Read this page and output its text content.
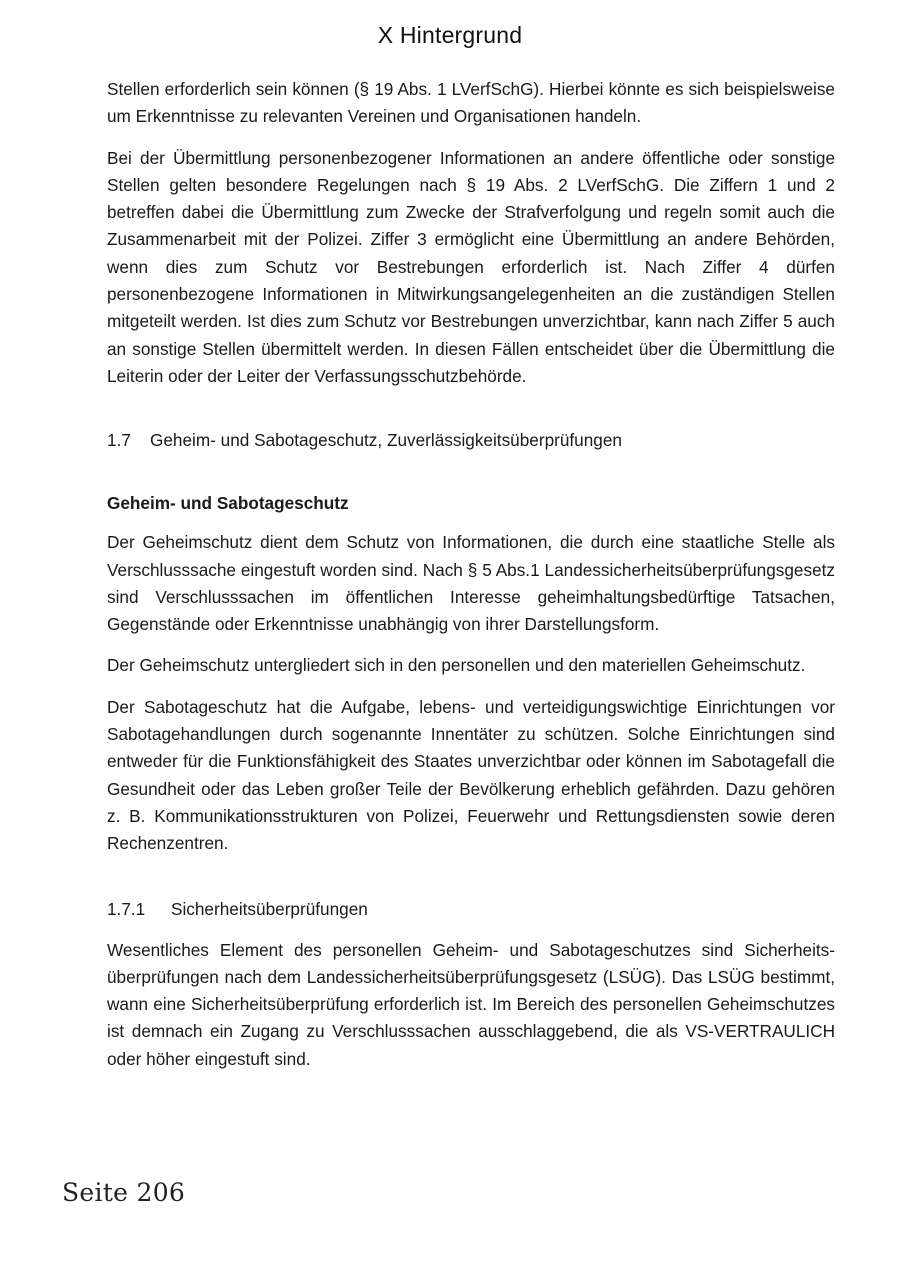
X Hintergrund

Stellen erforderlich sein können (§ 19 Abs. 1 LVerfSchG). Hierbei könnte es sich beispielsweise um Erkenntnisse zu relevanten Vereinen und Organisationen handeln.

Bei der Übermittlung personenbezogener Informationen an andere öffentliche oder sonstige Stellen gelten besondere Regelungen nach § 19 Abs. 2 LVerfSchG. Die Ziffern 1 und 2 betreffen dabei die Übermittlung zum Zwecke der Strafverfolgung und regeln somit auch die Zusammenarbeit mit der Polizei. Ziffer 3 ermöglicht eine Übermittlung an andere Behörden, wenn dies zum Schutz vor Bestrebungen erforderlich ist. Nach Ziffer 4 dürfen personenbezogene Informationen in Mitwirkungsangelegenheiten an die zuständigen Stellen mitgeteilt werden. Ist dies zum Schutz vor Bestrebungen unverzichtbar, kann nach Ziffer 5 auch an sonstige Stellen übermittelt werden. In diesen Fällen entscheidet über die Übermittlung die Leiterin oder der Leiter der Verfassungsschutzbehörde.

1.7 Geheim- und Sabotageschutz, Zuverlässigkeitsüberprüfungen
Geheim- und Sabotageschutz

Der Geheimschutz dient dem Schutz von Informationen, die durch eine staatliche Stelle als Verschlusssache eingestuft worden sind. Nach § 5 Abs.1 Landessicherheitsüberprüfungsgesetz sind Verschlusssachen im öffentlichen Interesse geheimhaltungsbedürftige Tatsachen, Gegenstände oder Erkenntnisse unabhängig von ihrer Darstellungsform.

Der Geheimschutz untergliedert sich in den personellen und den materiellen Geheimschutz.

Der Sabotageschutz hat die Aufgabe, lebens- und verteidigungswichtige Einrichtungen vor Sabotagehandlungen durch sogenannte Innentäter zu schützen. Solche Einrichtungen sind entweder für die Funktionsfähigkeit des Staates unverzichtbar oder können im Sabotagefall die Gesundheit oder das Leben großer Teile der Bevölkerung erheblich gefährden. Dazu gehören z. B. Kommunikationsstrukturen von Polizei, Feuerwehr und Rettungsdiensten sowie deren Rechenzentren.

1.7.1 Sicherheitsüberprüfungen

Wesentliches Element des personellen Geheim- und Sabotageschutzes sind Sicherheitsüberprüfungen nach dem Landessicherheitsüberprüfungsgesetz (LSÜG). Das LSÜG bestimmt, wann eine Sicherheitsüberprüfung erforderlich ist. Im Bereich des personellen Geheimschutzes ist demnach ein Zugang zu Verschlusssachen ausschlaggebend, die als VS-VERTRAULICH oder höher eingestuft sind.

Seite 206
